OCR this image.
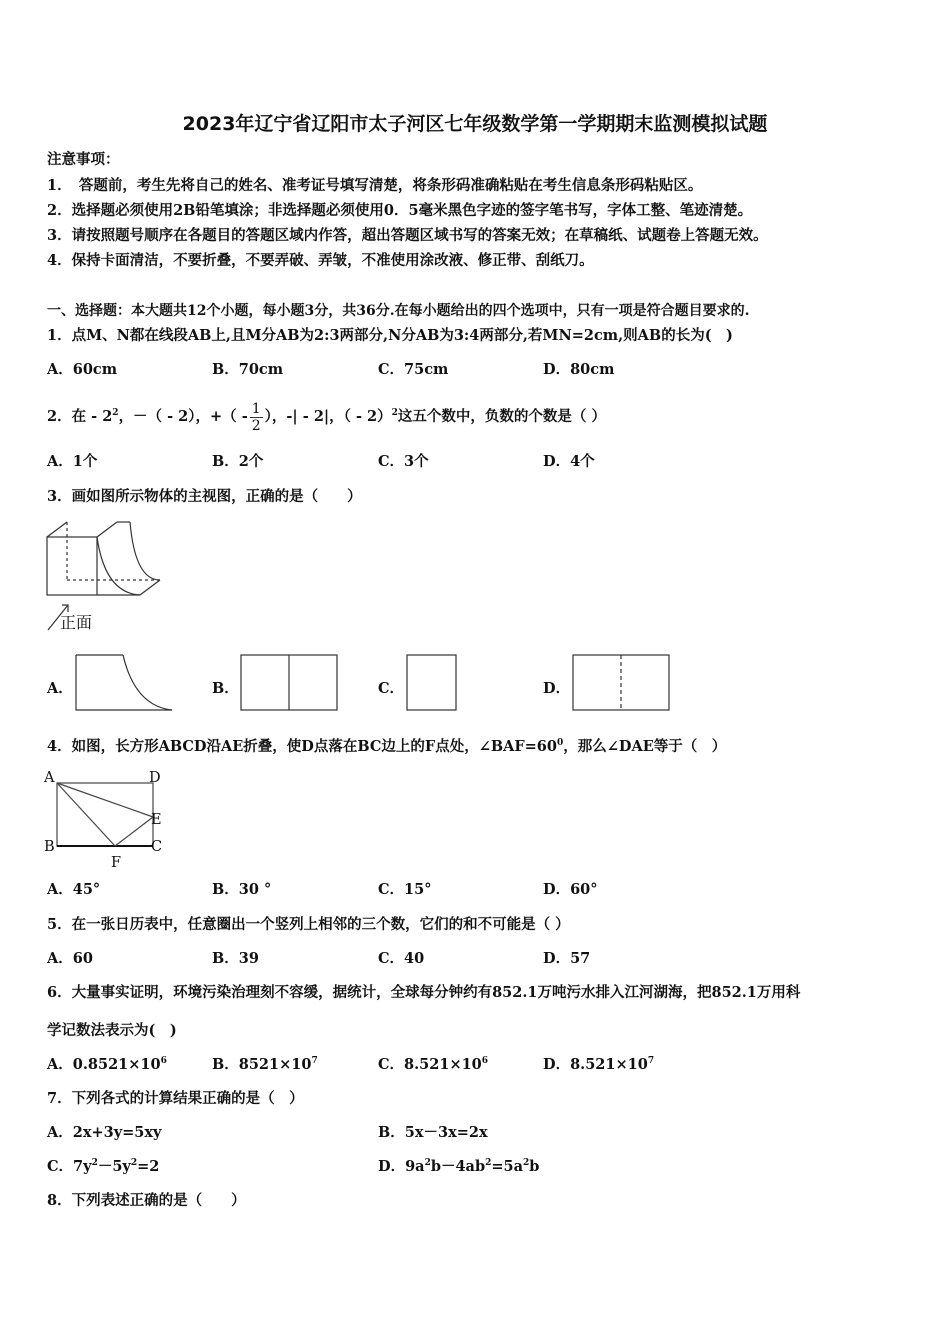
2023年辽宁省辽阳市太子河区七年级数学第一学期期末监测模拟试题
注意事项：
1．　答题前，考生先将自己的姓名、准考证号填写清楚，将条形码准确粘贴在考生信息条形码粘贴区。
2．选择题必须使用2B铅笔填涂；非选择题必须使用0．5毫米黑色字迹的签字笔书写，字体工整、笔迹清楚。
3．请按照题号顺序在各题目的答题区域内作答，超出答题区域书写的答案无效；在草稿纸、试题卷上答题无效。
4．保持卡面清洁，不要折叠，不要弄破、弄皱，不准使用涂改液、修正带、刮纸刀。
一、选择题：本大题共12个小题，每小题3分，共36分.在每小题给出的四个选项中，只有一项是符合题目要求的.
1．点M、N都在线段AB上,且M分AB为2:3两部分,N分AB为3:4两部分,若MN=2cm,则AB的长为(　)
A．60cm	B．70cm	C．75cm	D．80cm
2．在 - $2^2$，－（ - 2），+（ - $\frac{1}{2}$ ），-| - 2|，（ - 2）$^2$这五个数中，负数的个数是（ ）
A．1个	B．2个	C．3个	D．4个
3．画如图所示物体的主视图，正确的是（　　）
正面
A．	B．	C．	D．
4．如图，长方形ABCD沿AE折叠，使D点落在BC边上的F点处，$\angle BAF=60^0$，那么∠DAE等于（　）
A	D
E
B	C
F
A．45°	B．30 °	C．15°	D．60°
5．在一张日历表中，任意圈出一个竖列上相邻的三个数，它们的和不可能是（ ）
A．60	B．39	C．40	D．57
6．大量事实证明，环境污染治理刻不容缓，据统计，全球每分钟约有852.1万吨污水排入江河湖海，把852.1万用科
学记数法表示为(　)
A．$0.8521\times 10^6$	B．$8521\times 10^7$	C．$8.521\times 10^6$	D．$8.521\times 10^7$
7．下列各式的计算结果正确的是（　）
A．2x+3y=5xy	B．5x－3x=2x
C．$7y^2-5y^2=2$	D．$9a^2b-4ab^2=5a^2b$
8．下列表述正确的是（　　）
